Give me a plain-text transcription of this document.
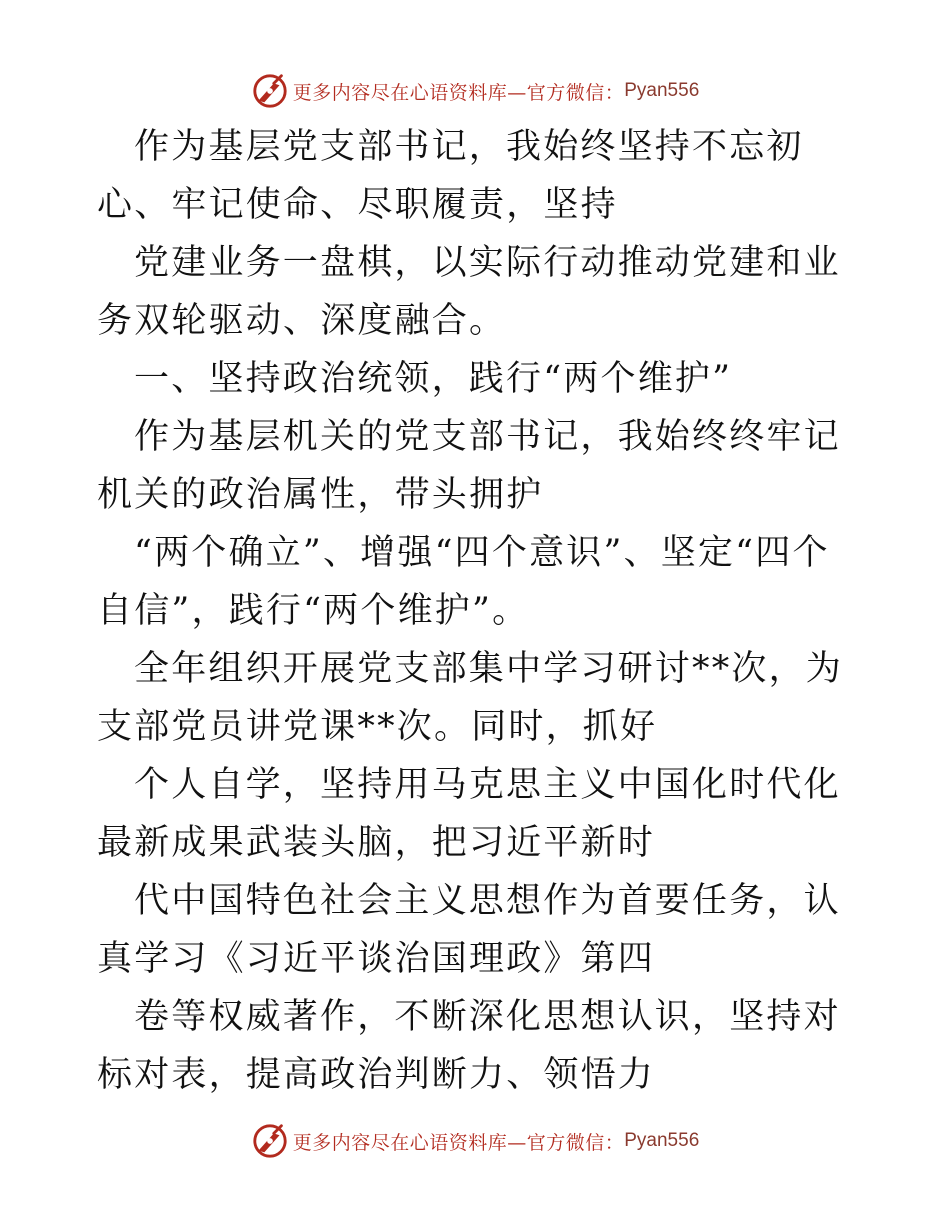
更多内容尽在心语资料库—官方微信： Pyan556

作为基层党支部书记，我始终坚持不忘初心、牢记使命、尽职履责，坚持

党建业务一盘棋，以实际行动推动党建和业务双轮驱动、深度融合。

一、坚持政治统领，践行“两个维护”

作为基层机关的党支部书记，我始终终牢记机关的政治属性，带头拥护

“两个确立”、增强“四个意识”、坚定“四个自信”，践行“两个维护”。

全年组织开展党支部集中学习研讨**次，为支部党员讲党课**次。同时，抓好

个人自学，坚持用马克思主义中国化时代化最新成果武装头脑，把习近平新时

代中国特色社会主义思想作为首要任务，认真学习《习近平谈治国理政》第四

卷等权威著作，不断深化思想认识，坚持对标对表，提高政治判断力、领悟力

更多内容尽在心语资料库—官方微信： Pyan556
